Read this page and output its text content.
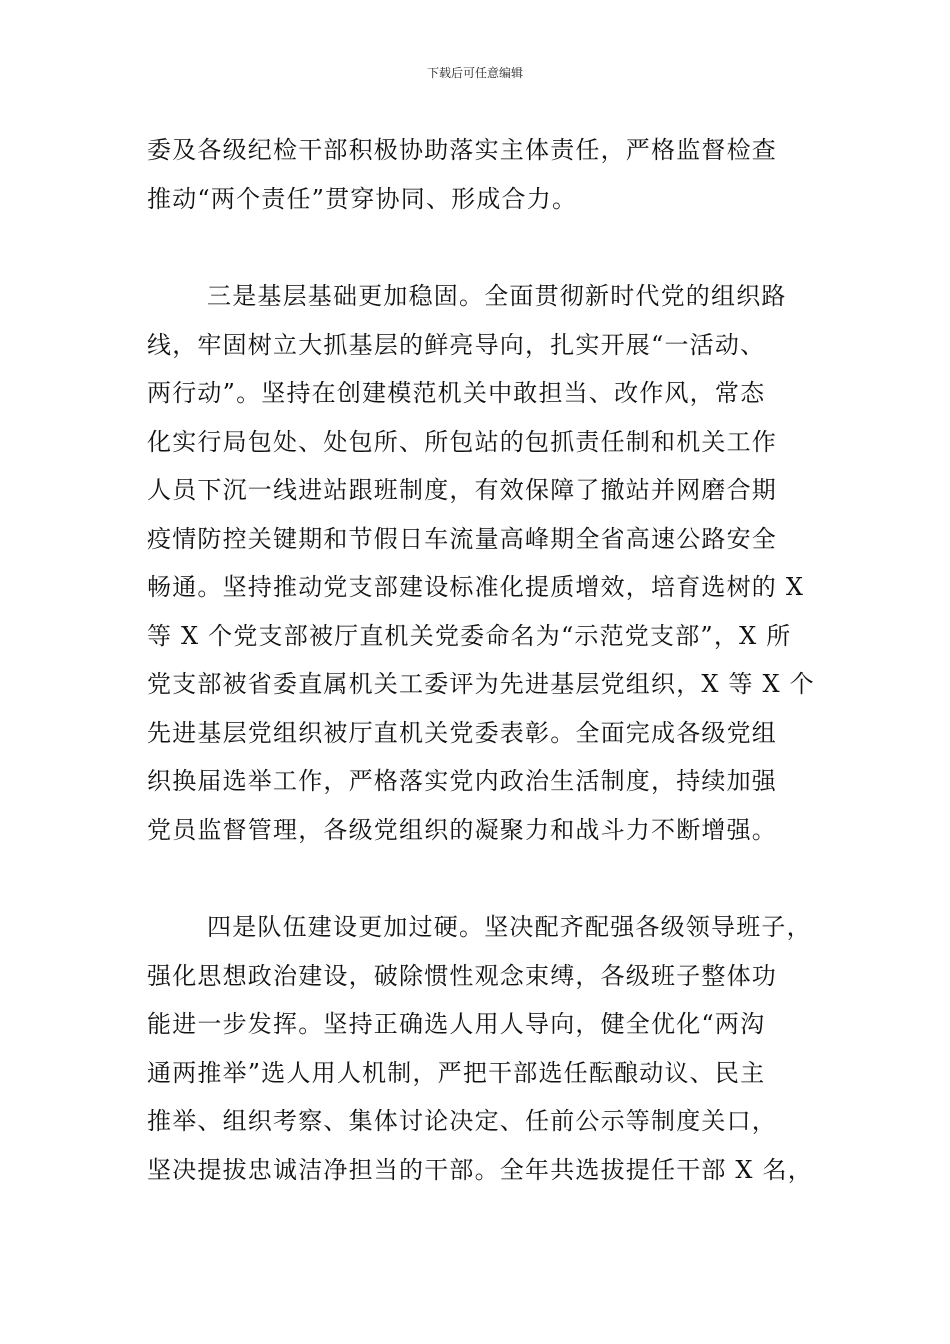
下载后可任意编辑
委及各级纪检干部积极协助落实主体责任，严格监督检查
推动“两个责任”贯穿协同、形成合力。
三是基层基础更加稳固。全面贯彻新时代党的组织路
线，牢固树立大抓基层的鲜亮导向，扎实开展“一活动、
两行动”。坚持在创建模范机关中敢担当、改作风，常态
化实行局包处、处包所、所包站的包抓责任制和机关工作
人员下沉一线进站跟班制度，有效保障了撤站并网磨合期
疫情防控关键期和节假日车流量高峰期全省高速公路安全
畅通。坚持推动党支部建设标准化提质增效，培育选树的 X
等 X 个党支部被厅直机关党委命名为“示范党支部”，X 所
党支部被省委直属机关工委评为先进基层党组织，X 等 X 个
先进基层党组织被厅直机关党委表彰。全面完成各级党组
织换届选举工作，严格落实党内政治生活制度，持续加强
党员监督管理，各级党组织的凝聚力和战斗力不断增强。
四是队伍建设更加过硬。坚决配齐配强各级领导班子，
强化思想政治建设，破除惯性观念束缚，各级班子整体功
能进一步发挥。坚持正确选人用人导向，健全优化“两沟
通两推举”选人用人机制，严把干部选任酝酿动议、民主
推举、组织考察、集体讨论决定、任前公示等制度关口，
坚决提拔忠诚洁净担当的干部。全年共选拔提任干部 X 名，
